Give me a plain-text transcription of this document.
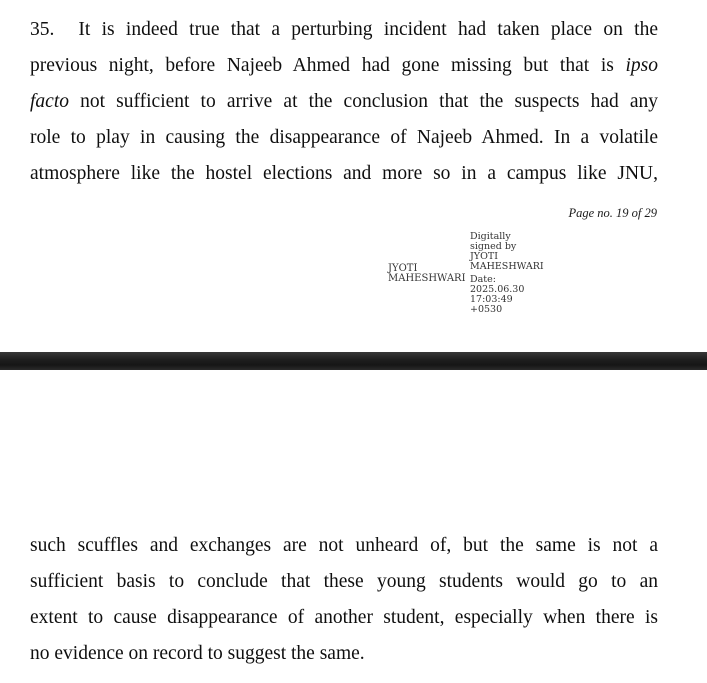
35. It is indeed true that a perturbing incident had taken place on the
previous night, before Najeeb Ahmed had gone missing but that is ipso
facto not sufficient to arrive at the conclusion that the suspects had any
role to play in causing the disappearance of Najeeb Ahmed. In a volatile
atmosphere like the hostel elections and more so in a campus like JNU,
Page no. 19 of 29
JYOTI
MAHESHWARI
Digitally
signed by
JYOTI
MAHESHWARI
Date:
2025.06.30
17:03:49
+0530
such scuffles and exchanges are not unheard of, but the same is not a
sufficient basis to conclude that these young students would go to an
extent to cause disappearance of another student, especially when there is
no evidence on record to suggest the same.
